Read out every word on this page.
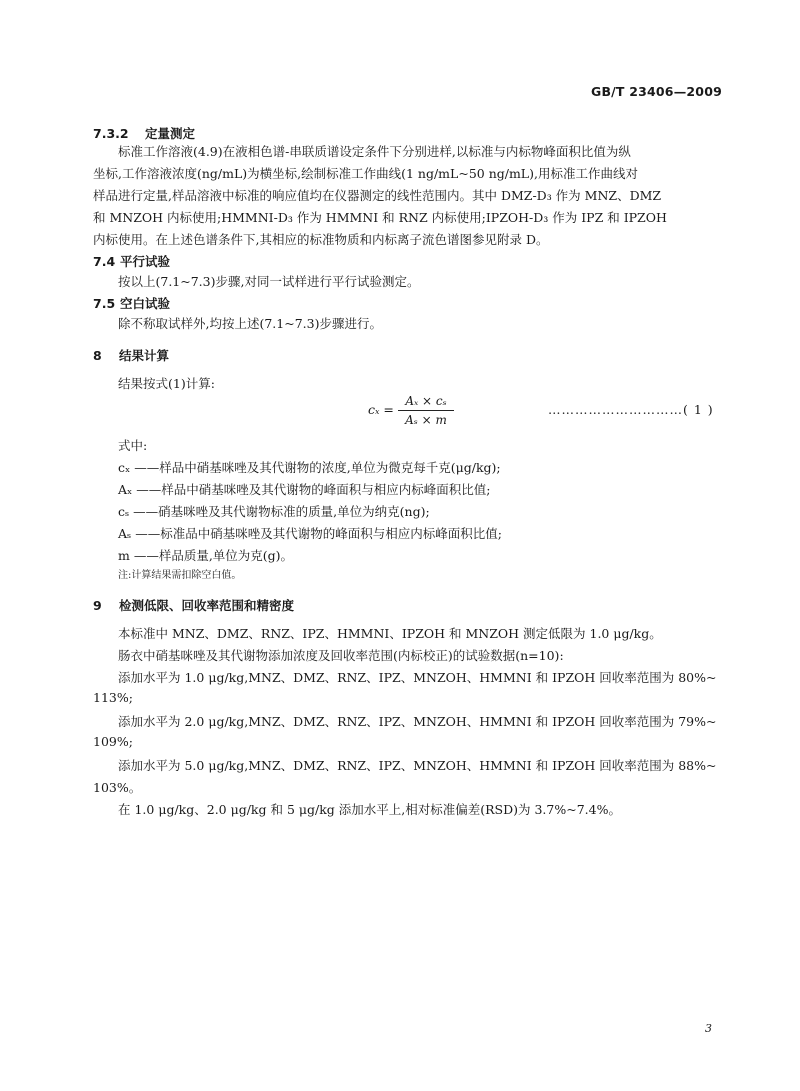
GB/T 23406—2009
7.3.2 定量测定
标准工作溶液(4.9)在液相色谱-串联质谱设定条件下分别进样,以标准与内标物峰面积比值为纵
坐标,工作溶液浓度(ng/mL)为横坐标,绘制标准工作曲线(1 ng/mL~50 ng/mL),用标准工作曲线对
样品进行定量,样品溶液中标准的响应值均在仪器测定的线性范围内。其中 DMZ-D₃ 作为 MNZ、DMZ
和 MNZOH 内标使用;HMMNI-D₃ 作为 HMMNI 和 RNZ 内标使用;IPZOH-D₃ 作为 IPZ 和 IPZOH
内标使用。在上述色谱条件下,其相应的标准物质和内标离子流色谱图参见附录 D。
7.4 平行试验
按以上(7.1~7.3)步骤,对同一试样进行平行试验测定。
7.5 空白试验
除不称取试样外,均按上述(7.1~7.3)步骤进行。
8 结果计算
结果按式(1)计算:
cₓ =
Aₓ × cₛ
Aₛ × m
…………………………( 1 )
式中:
cₓ ——样品中硝基咪唑及其代谢物的浓度,单位为微克每千克(μg/kg);
Aₓ ——样品中硝基咪唑及其代谢物的峰面积与相应内标峰面积比值;
cₛ ——硝基咪唑及其代谢物标准的质量,单位为纳克(ng);
Aₛ ——标准品中硝基咪唑及其代谢物的峰面积与相应内标峰面积比值;
m ——样品质量,单位为克(g)。
注:计算结果需扣除空白值。
9 检测低限、回收率范围和精密度
本标准中 MNZ、DMZ、RNZ、IPZ、HMMNI、IPZOH 和 MNZOH 测定低限为 1.0 μg/kg。
肠衣中硝基咪唑及其代谢物添加浓度及回收率范围(内标校正)的试验数据(n=10):
添加水平为 1.0 μg/kg,MNZ、DMZ、RNZ、IPZ、MNZOH、HMMNI 和 IPZOH 回收率范围为 80%~
113%;
添加水平为 2.0 μg/kg,MNZ、DMZ、RNZ、IPZ、MNZOH、HMMNI 和 IPZOH 回收率范围为 79%~
109%;
添加水平为 5.0 μg/kg,MNZ、DMZ、RNZ、IPZ、MNZOH、HMMNI 和 IPZOH 回收率范围为 88%~
103%。
在 1.0 μg/kg、2.0 μg/kg 和 5 μg/kg 添加水平上,相对标准偏差(RSD)为 3.7%~7.4%。
3
